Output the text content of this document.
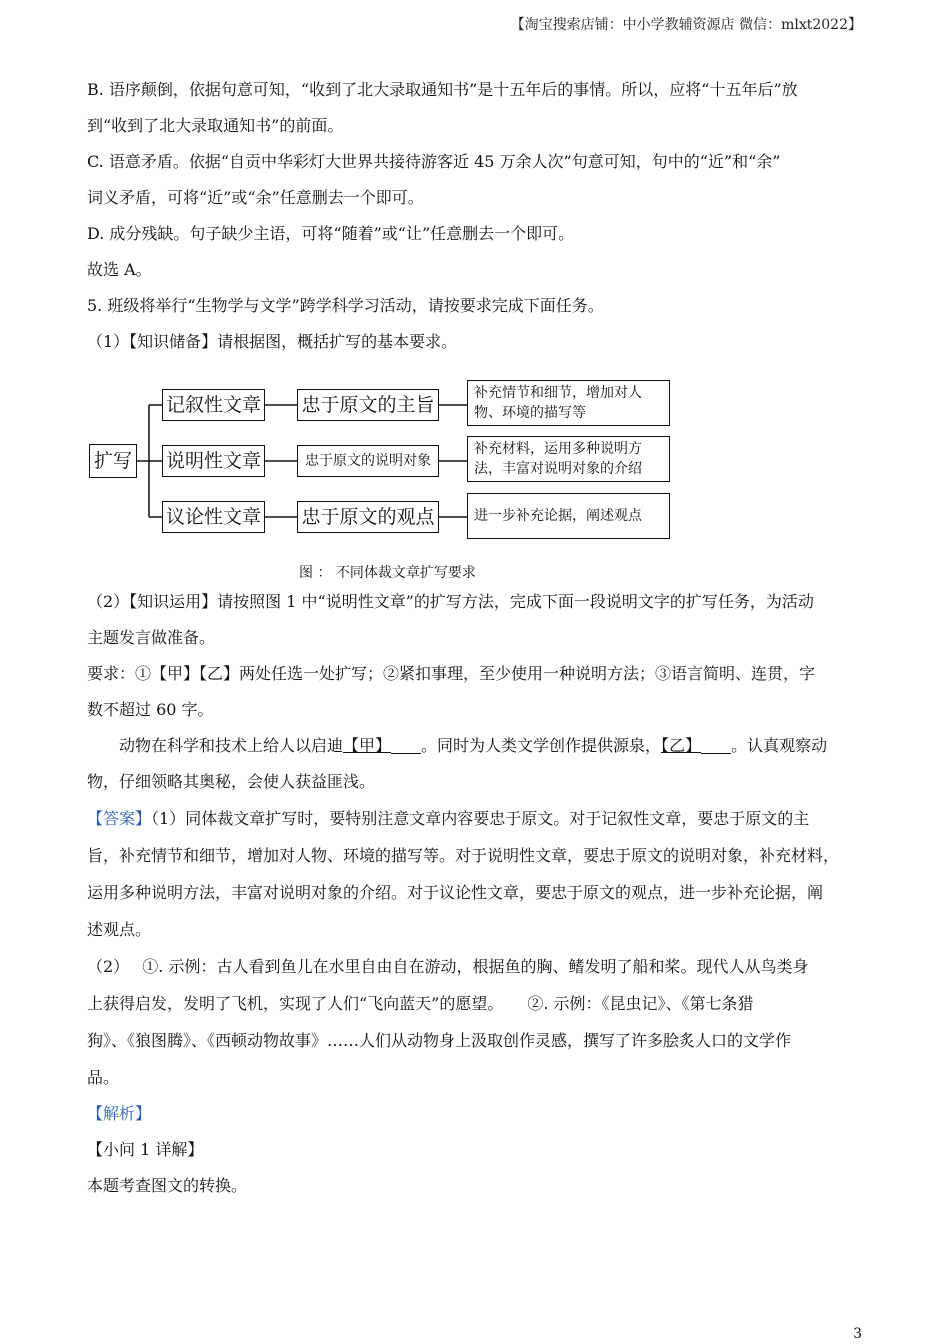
【淘宝搜索店铺：中小学教辅资源店 微信：mlxt2022】

B. 语序颠倒，依据句意可知，“收到了北大录取通知书”是十五年后的事情。所以，应将“十五年后”放

到“收到了北大录取通知书”的前面。

C. 语意矛盾。依据“自贡中华彩灯大世界共接待游客近 45 万余人次”句意可知，句中的“近”和“余”

词义矛盾，可将“近”或“余”任意删去一个即可。

D. 成分残缺。句子缺少主语，可将“随着”或“让”任意删去一个即可。

故选 A。

5. 班级将举行“生物学与文学”跨学科学习活动，请按要求完成下面任务。

（1）【知识储备】请根据图，概括扩写的基本要求。

扩写
记叙性文章
说明性文章
议论性文章
忠于原文的主旨
忠于原文的说明对象
忠于原文的观点
补充情节和细节，增加对人
物、环境的描写等
补充材料，运用多种说明方
法，丰富对说明对象的介绍
进一步补充论据，阐述观点

图 ： 不同体裁文章扩写要求

（2）【知识运用】请按照图 1 中“说明性文章”的扩写方法，完成下面一段说明文字的扩写任务，为活动

主题发言做准备。

要求：①【甲】【乙】两处任选一处扩写；②紧扣事理，至少使用一种说明方法；③语言简明、连贯，字

数不超过 60 字。

动物在科学和技术上给人以启迪【甲】 。同时为人类文学创作提供源泉，【乙】 。认真观察动

物，仔细领略其奥秘，会使人获益匪浅。

【答案】（1）同体裁文章扩写时，要特别注意文章内容要忠于原文。对于记叙性文章，要忠于原文的主

旨，补充情节和细节，增加对人物、环境的描写等。对于说明性文章，要忠于原文的说明对象，补充材料，

运用多种说明方法，丰富对说明对象的介绍。对于议论性文章，要忠于原文的观点，进一步补充论据，阐

述观点。

（2）　 ①. 示例：古人看到鱼儿在水里自由自在游动，根据鱼的胸、鳍发明了船和桨。现代人从鸟类身

上获得启发，发明了飞机，实现了人们“飞向蓝天”的愿望。　　②. 示例：《昆虫记》、《第七条猎

狗》、《狼图腾》、《西顿动物故事》……人们从动物身上汲取创作灵感，撰写了许多脍炙人口的文学作

品。

【解析】

【小问 1 详解】

本题考查图文的转换。

3
